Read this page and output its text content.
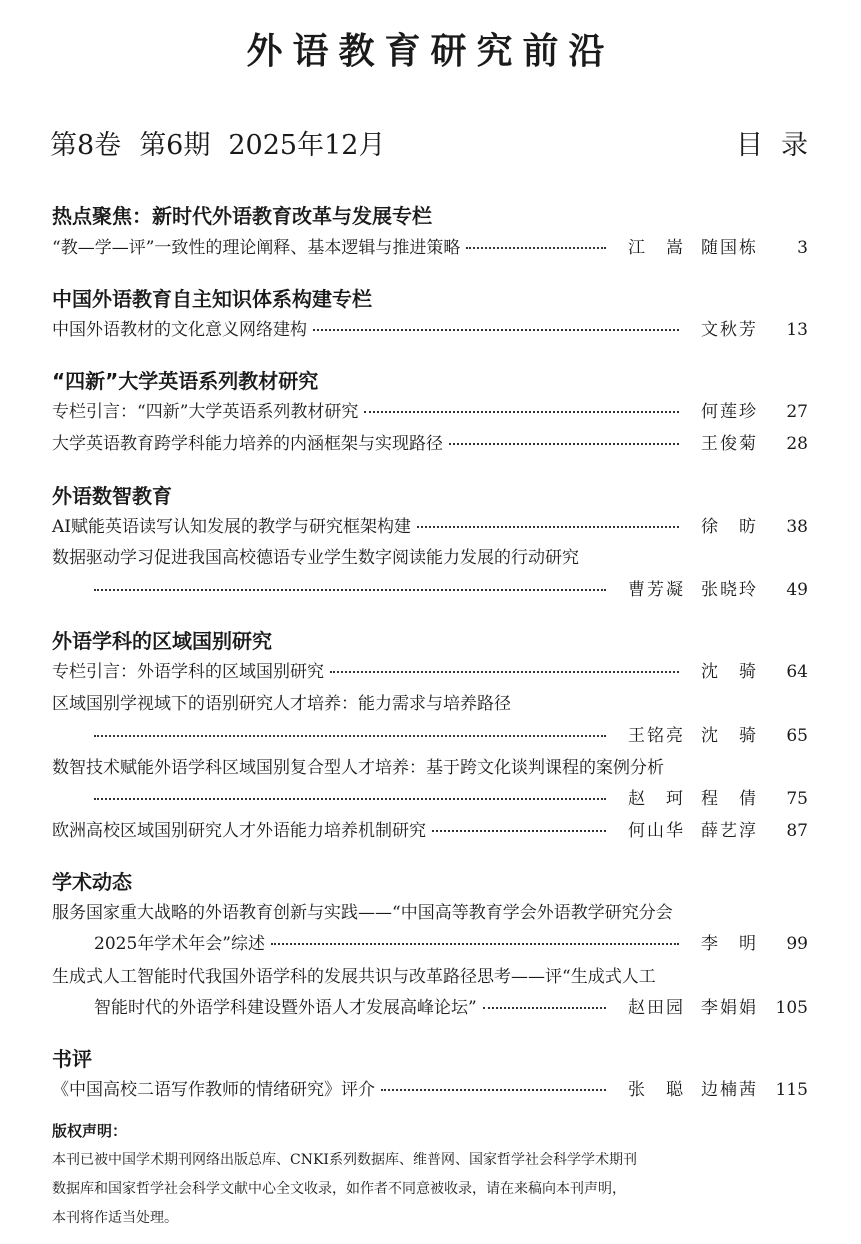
外语教育研究前沿
第8卷 第6期 2025年12月	目录
热点聚焦：新时代外语教育改革与发展专栏
“教—学—评”一致性的理论阐释、基本逻辑与推进策略	江　嵩 随国栋	3
中国外语教育自主知识体系构建专栏
中国外语教材的文化意义网络建构	文秋芳	13
“四新”大学英语系列教材研究
专栏引言：“四新”大学英语系列教材研究	何莲珍	27
大学英语教育跨学科能力培养的内涵框架与实现路径	王俊菊	28
外语数智教育
AI赋能英语读写认知发展的教学与研究框架构建	徐　昉	38
数据驱动学习促进我国高校德语专业学生数字阅读能力发展的行动研究
曹芳凝 张晓玲	49
外语学科的区域国别研究
专栏引言：外语学科的区域国别研究	沈　骑	64
区域国别学视域下的语别研究人才培养：能力需求与培养路径
王铭亮 沈　骑	65
数智技术赋能外语学科区域国别复合型人才培养：基于跨文化谈判课程的案例分析
赵　珂 程　倩	75
欧洲高校区域国别研究人才外语能力培养机制研究	何山华 薛艺淳	87
学术动态
服务国家重大战略的外语教育创新与实践——“中国高等教育学会外语教学研究分会
2025年学术年会”综述	李　明	99
生成式人工智能时代我国外语学科的发展共识与改革路径思考——评“生成式人工
智能时代的外语学科建设暨外语人才发展高峰论坛”	赵田园 李娟娟 105
书评
《中国高校二语写作教师的情绪研究》评介	张　聪 边楠茜 115
版权声明：
本刊已被中国学术期刊网络出版总库、CNKI系列数据库、维普网、国家哲学社会科学学术期刊
数据库和国家哲学社会科学文献中心全文收录，如作者不同意被收录，请在来稿向本刊声明，
本刊将作适当处理。
